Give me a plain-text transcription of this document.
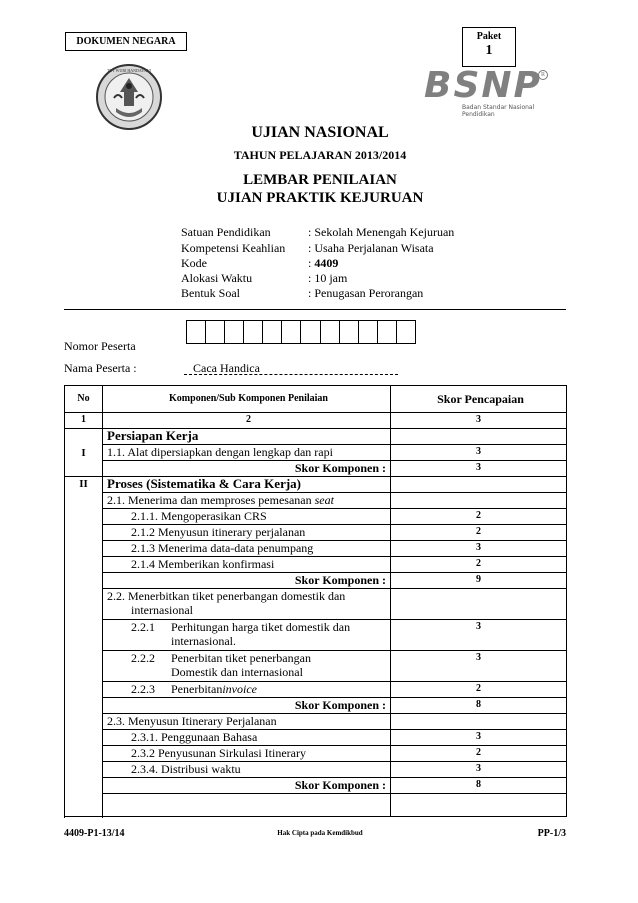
DOKUMEN NEGARA	Paket
1
TUT WURI HANDAYANI	BSNP R
Badan Standar Nasional Pendidikan
UJIAN NASIONAL
TAHUN PELAJARAN 2013/2014
LEMBAR PENILAIAN
UJIAN PRAKTIK KEJURUAN
Satuan Pendidikan	: Sekolah Menengah Kejuruan
Kompetensi Keahlian : Usaha Perjalanan Wisata
Kode	: 4409
Alokasi Waktu	: 10 jam
Bentuk Soal	: Penugasan Perorangan
Nomor Peserta
Nama Peserta :	Caca Handica
No	Komponen/Sub Komponen Penilaian	Skor Pencapaian
1	2	3
I	Persiapan Kerja	
	1.1. Alat dipersiapkan dengan lengkap dan rapi	3
	Skor Komponen :	3
II	Proses (Sistematika & Cara Kerja)	
	2.1. Menerima dan memproses pemesanan seat	
	2.1.1. Mengoperasikan CRS	2
	2.1.2 Menyusun itinerary perjalanan	2
	2.1.3 Menerima data-data penumpang	3
	2.1.4 Memberikan konfirmasi	2
	Skor Komponen :	9

	2.2. Menerbitkan tiket penerbangan domestik dan
internasional	

	2.2.1 Perhitungan harga tiket domestik dan
internasional.	3

	2.2.2 Penerbitan tiket penerbangan
Domestik dan internasional	3

	2.2.3 Penerbitan invoice	2
	Skor Komponen :	8
	2.3. Menyusun Itinerary Perjalanan	
	2.3.1. Penggunaan Bahasa	3
	2.3.2 Penyusunan Sirkulasi Itinerary	2
	2.3.4. Distribusi waktu	3
	Skor Komponen :	8

4409-P1-13/14	Hak Cipta pada Kemdikbud	PP-1/3
